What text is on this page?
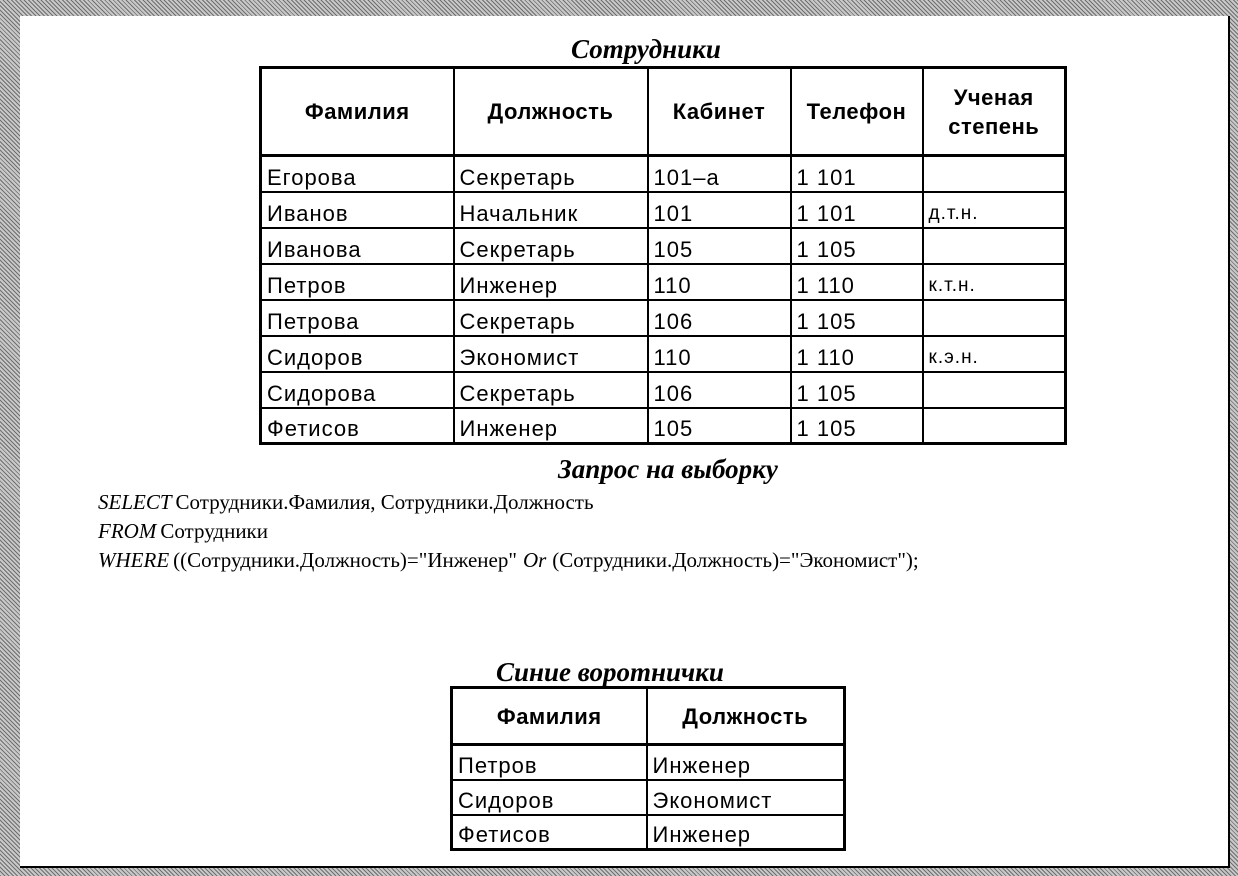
Сотрудники
Фамилия	Должность	Кабинет	Телефон	Ученая степень
Егорова	Секретарь	101–а	1 101	
Иванов	Начальник	101	1 101	д.т.н.
Иванова	Секретарь	105	1 105	
Петров	Инженер	110	1 110	к.т.н.
Петрова	Секретарь	106	1 105	
Сидоров	Экономист	110	1 110	к.э.н.
Сидорова	Секретарь	106	1 105	
Фетисов	Инженер	105	1 105	
Запрос на выборку
SELECT Сотрудники.Фамилия, Сотрудники.Должность
FROM Сотрудники
WHERE ((Сотрудники.Должность)="Инженер" Or (Сотрудники.Должность)="Экономист");
Синие воротнички
Фамилия	Должность
Петров	Инженер
Сидоров	Экономист
Фетисов	Инженер
